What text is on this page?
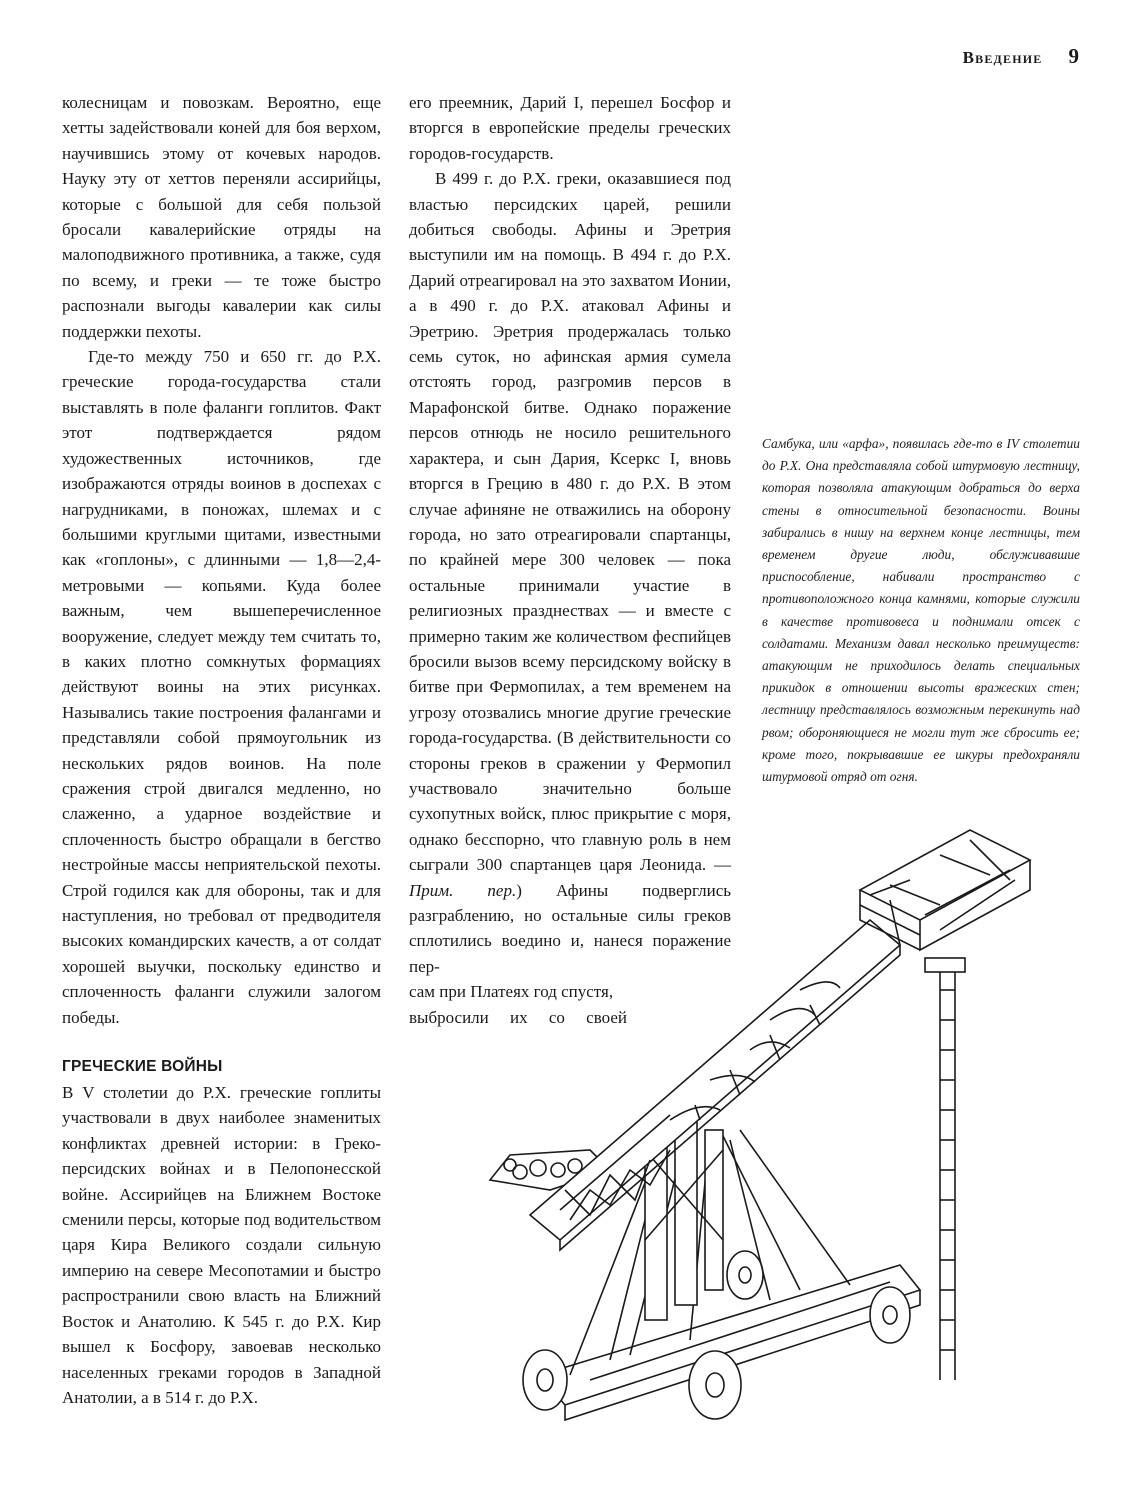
Введение 9

колесницам и повозкам. Вероятно, еще хетты задействовали коней для боя верхом, научившись этому от кочевых народов. Науку эту от хеттов переняли ассирийцы, которые с большой для себя пользой бросали кавалерийские отряды на малоподвижного противника, а также, судя по всему, и греки — те тоже быстро распознали выгоды кавалерии как силы поддержки пехоты.

Где-то между 750 и 650 гг. до Р.Х. греческие города-государства стали выставлять в поле фаланги гоплитов. Факт этот подтверждается рядом художественных источников, где изображаются отряды воинов в доспехах с нагрудниками, в поножах, шлемах и с большими круглыми щитами, известными как «гоплоны», с длинными — 1,8—2,4-метровыми — копьями. Куда более важным, чем вышеперечисленное вооружение, следует между тем считать то, в каких плотно сомкнутых формациях действуют воины на этих рисунках. Назывались такие построения фалангами и представляли собой прямоугольник из нескольких рядов воинов. На поле сражения строй двигался медленно, но слаженно, а ударное воздействие и сплоченность быстро обращали в бегство нестройные массы неприятельской пехоты. Строй годился как для обороны, так и для наступления, но требовал от предводителя высоких командирских качеств, а от солдат хорошей выучки, поскольку единство и сплоченность фаланги служили залогом победы.

ГРЕЧЕСКИЕ ВОЙНЫ

В V столетии до Р.Х. греческие гоплиты участвовали в двух наиболее знаменитых конфликтах древней истории: в Греко-персидских войнах и в Пелопонесской войне. Ассирийцев на Ближнем Востоке сменили персы, которые под водительством царя Кира Великого создали сильную империю на севере Месопотамии и быстро распространили свою власть на Ближний Восток и Анатолию. К 545 г. до Р.Х. Кир вышел к Босфору, завоевав несколько населенных греками городов в Западной Анатолии, а в 514 г. до Р.Х.

его преемник, Дарий I, перешел Босфор и вторгся в европейские пределы греческих городов-государств.

В 499 г. до Р.Х. греки, оказавшиеся под властью персидских царей, решили добиться свободы. Афины и Эретрия выступили им на помощь. В 494 г. до Р.Х. Дарий отреагировал на это захватом Ионии, а в 490 г. до Р.Х. атаковал Афины и Эретрию. Эретрия продержалась только семь суток, но афинская армия сумела отстоять город, разгромив персов в Марафонской битве. Однако поражение персов отнюдь не носило решительного характера, и сын Дария, Ксеркс I, вновь вторгся в Грецию в 480 г. до Р.Х. В этом случае афиняне не отважились на оборону города, но зато отреагировали спартанцы, по крайней мере 300 человек — пока остальные принимали участие в религиозных празднествах — и вместе с примерно таким же количеством феспийцев бросили вызов всему персидскому войску в битве при Фермопилах, а тем временем на угрозу отозвались многие другие греческие города-государства. (В действительности со стороны греков в сражении у Фермопил участвовало значительно больше сухопутных войск, плюс прикрытие с моря, однако бесспорно, что главную роль в нем сыграли 300 спартанцев царя Леонида. — Прим. пер.) Афины подверглись разграблению, но остальные силы греков сплотились воедино и, нанеся поражение пер-

сам при Платеях год спустя,

выбросили их со своей

Самбука, или «арфа», появилась где-то в IV столетии до Р.Х. Она представляла собой штурмовую лестницу, которая позволяла атакующим добраться до верха стены в относительной безопасности. Воины забирались в нишу на верхнем конце лестницы, тем временем другие люди, обслуживавшие приспособление, набивали пространство с противоположного конца камнями, которые служили в качестве противовеса и поднимали отсек с солдатами. Механизм давал несколько преимуществ: атакующим не приходилось делать специальных прикидок в отношении высоты вражеских стен; лестницу представлялось возможным перекинуть над рвом; обороняющиеся не могли тут же сбросить ее; кроме того, покрывавшие ее шкуры предохраняли штурмовой отряд от огня.
